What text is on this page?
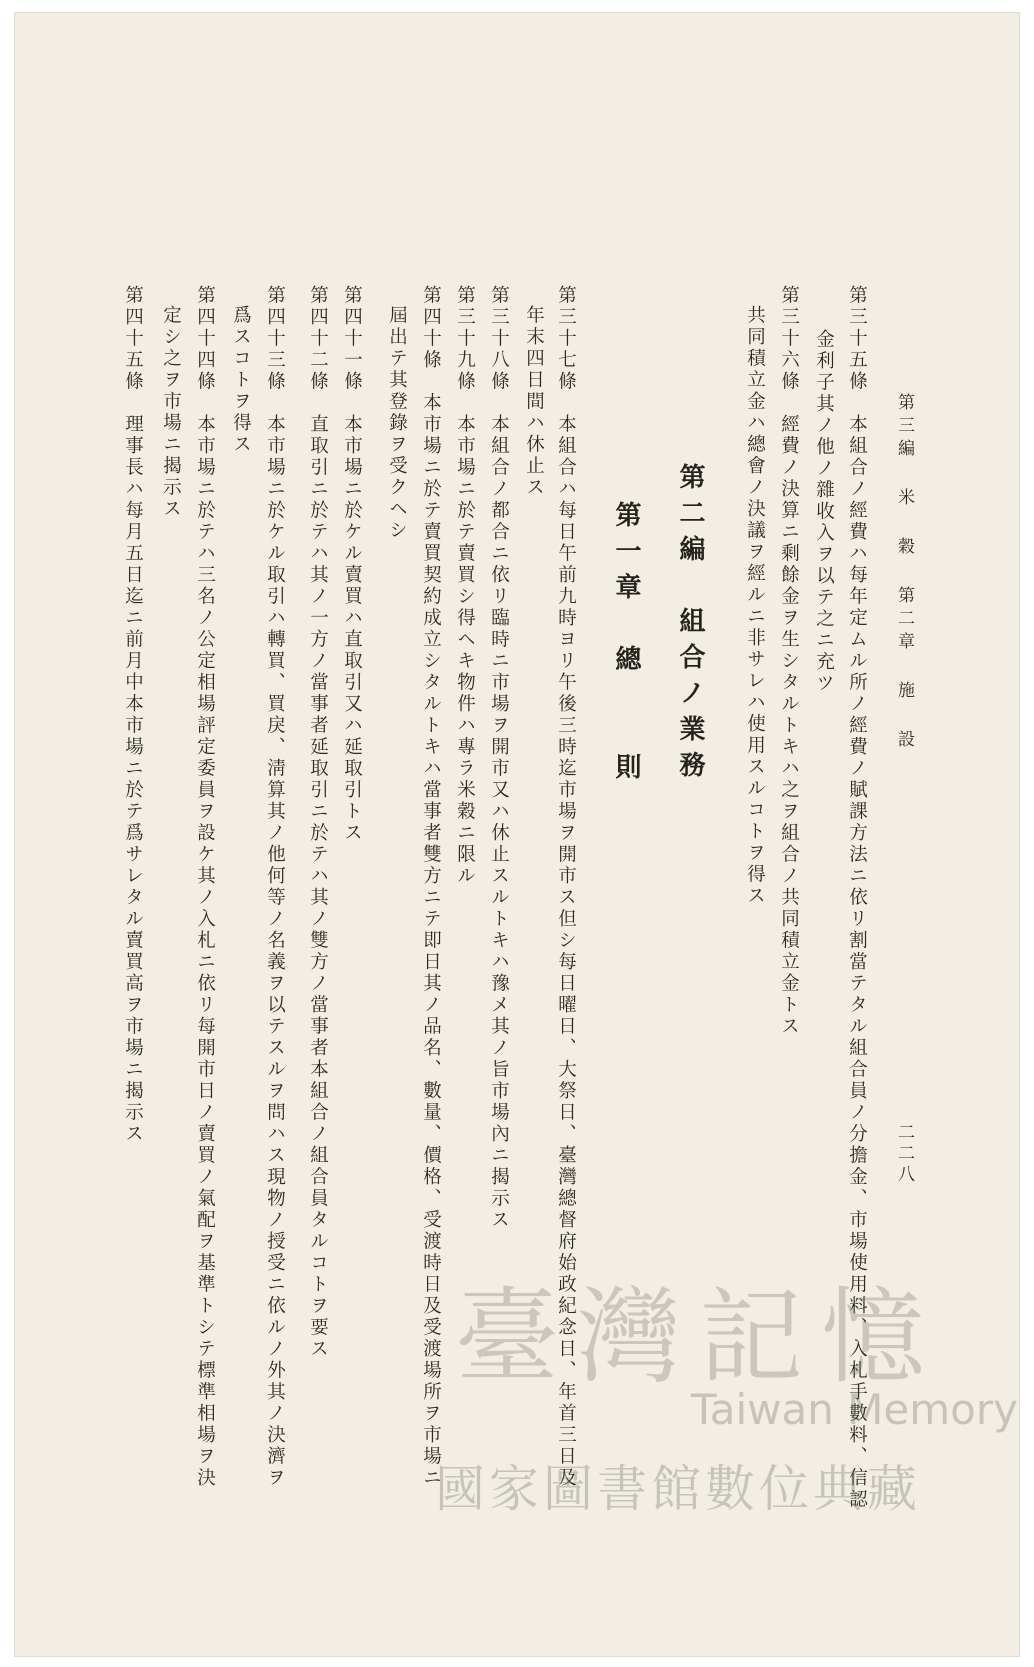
第三編 米 穀 第二章 施 設
二二八
第三十五條　本組合ノ經費ハ每年定ムル所ノ經費ノ賦課方法ニ依リ割當テタル組合員ノ分擔金、市場使用料、入札手數料、信認
金利子其ノ他ノ雜收入ヲ以テ之ニ充ツ
第三十六條　經費ノ決算ニ剩餘金ヲ生シタルトキハ之ヲ組合ノ共同積立金トス
共同積立金ハ總會ノ決議ヲ經ルニ非サレハ使用スルコトヲ得ス
第二編　組合ノ業務
第一章　總　　則
第三十七條　本組合ハ每日午前九時ヨリ午後三時迄市場ヲ開市ス但シ每日曜日、大祭日、臺灣總督府始政紀念日、年首三日及
年末四日間ハ休止ス
第三十八條　本組合ノ都合ニ依リ臨時ニ市場ヲ開市又ハ休止スルトキハ豫メ其ノ旨市場內ニ揭示ス
第三十九條　本市場ニ於テ賣買シ得ヘキ物件ハ專ラ米穀ニ限ル
第四十條　本市場ニ於テ賣買契約成立シタルトキハ當事者雙方ニテ即日其ノ品名、數量、價格、受渡時日及受渡場所ヲ市場ニ
屆出テ其登錄ヲ受クヘシ
第四十一條　本市場ニ於ケル賣買ハ直取引又ハ延取引トス
第四十二條　直取引ニ於テハ其ノ一方ノ當事者延取引ニ於テハ其ノ雙方ノ當事者本組合ノ組合員タルコトヲ要ス
第四十三條　本市場ニ於ケル取引ハ轉買、買戾、淸算其ノ他何等ノ名義ヲ以テスルヲ問ハス現物ノ授受ニ依ルノ外其ノ決濟ヲ
爲スコトヲ得ス
第四十四條　本市場ニ於テハ三名ノ公定相場評定委員ヲ設ケ其ノ入札ニ依リ每開市日ノ賣買ノ氣配ヲ基準トシテ標準相場ヲ決
定シ之ヲ市場ニ揭示ス
第四十五條　理事長ハ每月五日迄ニ前月中本市場ニ於テ爲サレタル賣買高ヲ市場ニ揭示ス
臺灣記憶
Taiwan Memory
國家圖書館數位典藏
